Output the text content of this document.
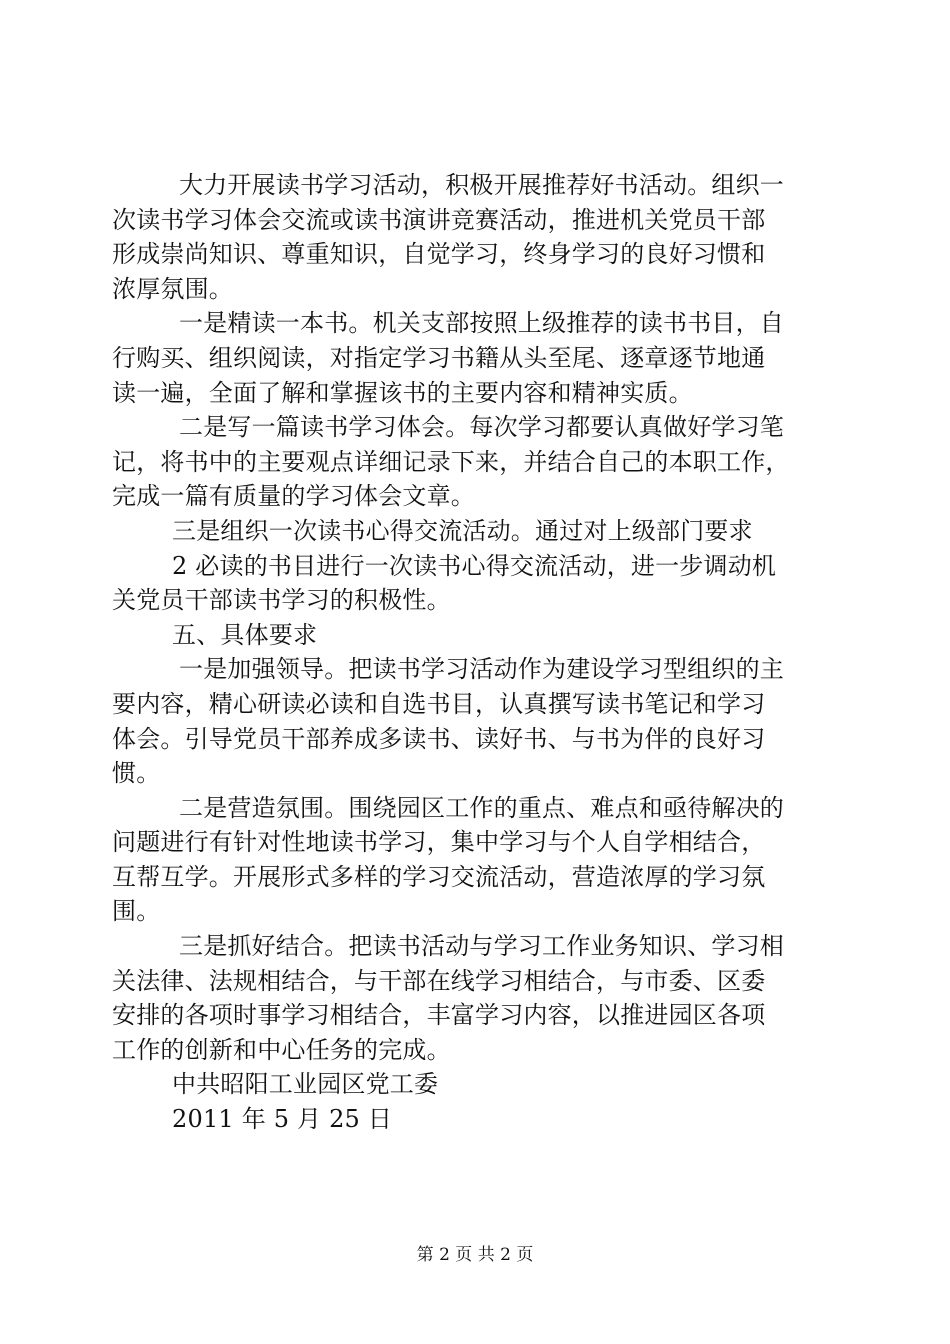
大力开展读书学习活动，积极开展推荐好书活动。组织一
次读书学习体会交流或读书演讲竞赛活动，推进机关党员干部
形成崇尚知识、尊重知识，自觉学习，终身学习的良好习惯和
浓厚氛围。
一是精读一本书。机关支部按照上级推荐的读书书目，自
行购买、组织阅读，对指定学习书籍从头至尾、逐章逐节地通
读一遍，全面了解和掌握该书的主要内容和精神实质。
二是写一篇读书学习体会。每次学习都要认真做好学习笔
记，将书中的主要观点详细记录下来，并结合自己的本职工作，
完成一篇有质量的学习体会文章。
三是组织一次读书心得交流活动。通过对上级部门要求
2 必读的书目进行一次读书心得交流活动，进一步调动机
关党员干部读书学习的积极性。
五、具体要求
一是加强领导。把读书学习活动作为建设学习型组织的主
要内容，精心研读必读和自选书目，认真撰写读书笔记和学习
体会。引导党员干部养成多读书、读好书、与书为伴的良好习
惯。
二是营造氛围。围绕园区工作的重点、难点和亟待解决的
问题进行有针对性地读书学习，集中学习与个人自学相结合，
互帮互学。开展形式多样的学习交流活动，营造浓厚的学习氛
围。
三是抓好结合。把读书活动与学习工作业务知识、学习相
关法律、法规相结合，与干部在线学习相结合，与市委、区委
安排的各项时事学习相结合，丰富学习内容，以推进园区各项
工作的创新和中心任务的完成。
中共昭阳工业园区党工委
2011 年 5 月 25 日
第 2 页 共 2 页
